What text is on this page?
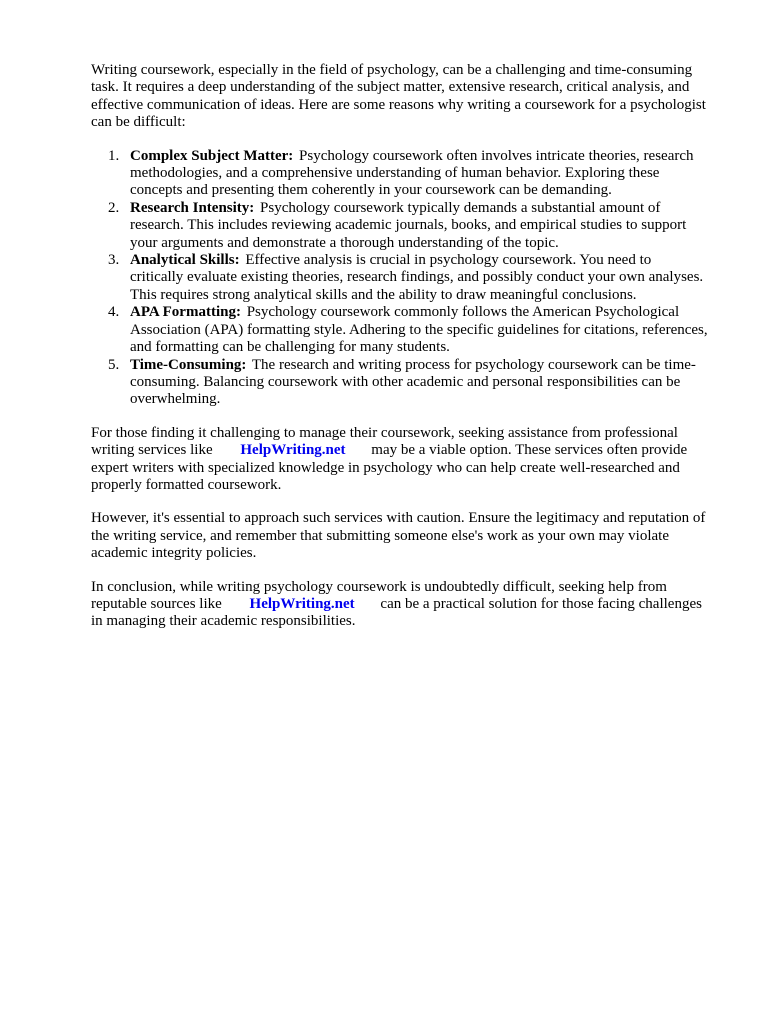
Writing coursework, especially in the field of psychology, can be a challenging and time-consuming task. It requires a deep understanding of the subject matter, extensive research, critical analysis, and effective communication of ideas. Here are some reasons why writing a coursework for a psychologist can be difficult:

1. Complex Subject Matter: Psychology coursework often involves intricate theories, research methodologies, and a comprehensive understanding of human behavior. Exploring these concepts and presenting them coherently in your coursework can be demanding.
2. Research Intensity: Psychology coursework typically demands a substantial amount of research. This includes reviewing academic journals, books, and empirical studies to support your arguments and demonstrate a thorough understanding of the topic.
3. Analytical Skills: Effective analysis is crucial in psychology coursework. You need to critically evaluate existing theories, research findings, and possibly conduct your own analyses. This requires strong analytical skills and the ability to draw meaningful conclusions.
4. APA Formatting: Psychology coursework commonly follows the American Psychological Association (APA) formatting style. Adhering to the specific guidelines for citations, references, and formatting can be challenging for many students.
5. Time-Consuming: The research and writing process for psychology coursework can be time-consuming. Balancing coursework with other academic and personal responsibilities can be overwhelming.

For those finding it challenging to manage their coursework, seeking assistance from professional writing services like HelpWriting.net may be a viable option. These services often provide expert writers with specialized knowledge in psychology who can help create well-researched and properly formatted coursework.

However, it's essential to approach such services with caution. Ensure the legitimacy and reputation of the writing service, and remember that submitting someone else's work as your own may violate academic integrity policies.

In conclusion, while writing psychology coursework is undoubtedly difficult, seeking help from reputable sources like HelpWriting.net can be a practical solution for those facing challenges in managing their academic responsibilities.
